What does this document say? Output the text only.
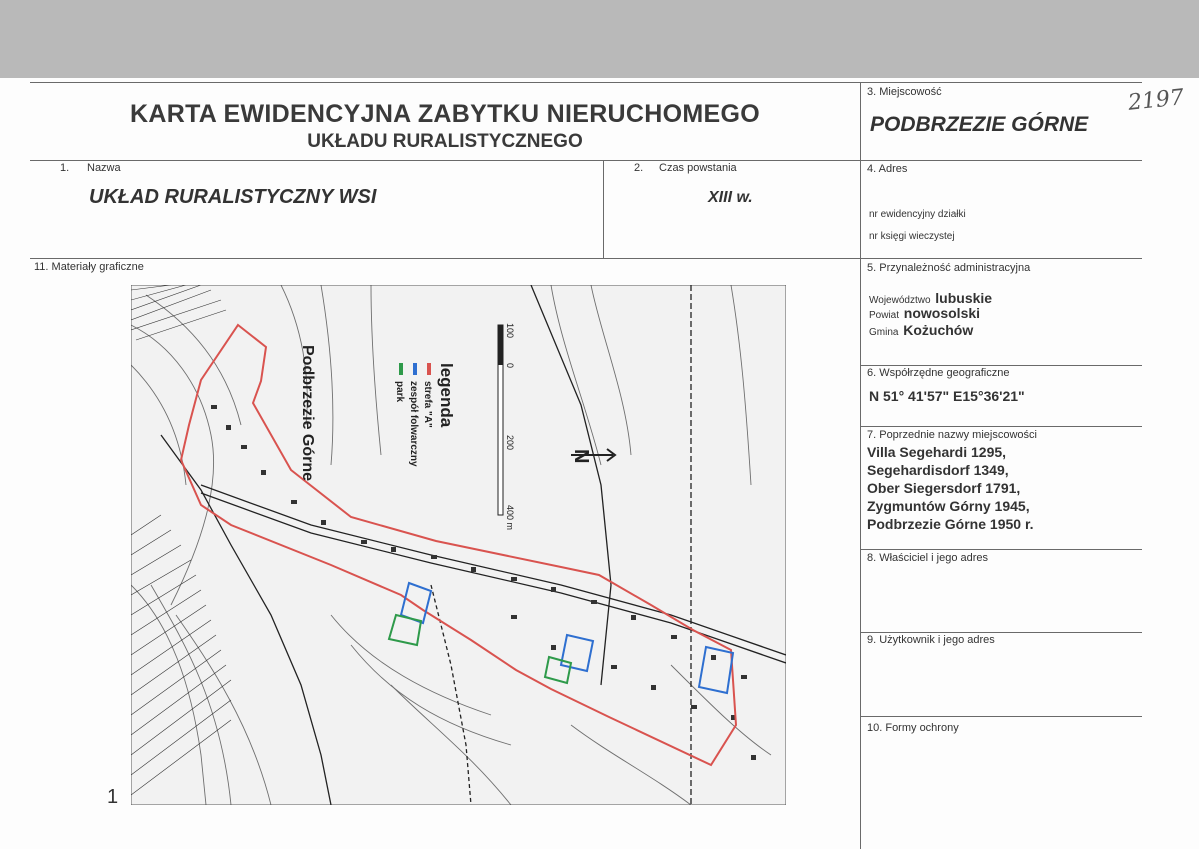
2197
KARTA EWIDENCYJNA ZABYTKU NIERUCHOMEGO
UKŁADU RURALISTYCZNEGO
3. Miejscowość
PODBRZEZIE GÓRNE
1. Nazwa
UKŁAD RURALISTYCZNY WSI
2. Czas powstania
XIII w.
4. Adres
nr ewidencyjny działki
nr księgi wieczystej
11. Materiały graficzne	5. Przynależność administracyjna
Województwo lubuskie
Powiat nowosolski
Gmina Kożuchów
6. Współrzędne geograficzne
N 51° 41'57" E15°36'21"
7. Poprzednie nazwy miejscowości
Villa Segehardi 1295,
Segehardisdorf 1349,
Ober Siegersdorf 1791,
Zygmuntów Górny 1945,
Podbrzezie Górne 1950 r.
8. Właściciel i jego adres
9. Użytkownik i jego adres
10. Formy ochrony
Podbrzezie Górne	legenda
strefa "A"
zespół folwarczny
park
100
0
200
400 m
N
1
